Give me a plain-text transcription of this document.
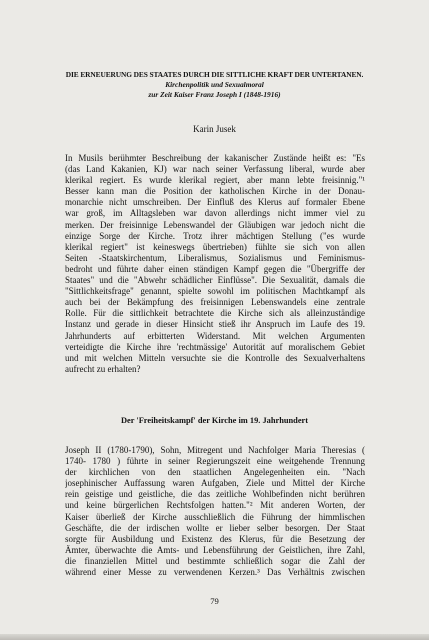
DIE ERNEUERUNG DES STAATES DURCH DIE SITTLICHE KRAFT DER UNTERTANEN.
Kirchenpolitik und Sexualmoral
zur Zeit Kaiser Franz Joseph I (1848-1916)
Karin Jusek
In Musils berühmter Beschreibung der kakanischer Zustände heißt es: "Es
(das Land Kakanien, KJ) war nach seiner Verfassung liberal, wurde aber
klerikal regiert. Es wurde klerikal regiert, aber mann lebte freisinnig."¹
Besser kann man die Position der katholischen Kirche in der Donau-
monarchie nicht umschreiben. Der Einfluß des Klerus auf formaler Ebene
war groß, im Alltagsleben war davon allerdings nicht immer viel zu
merken. Der freisinnige Lebenswandel der Gläubigen war jedoch nicht die
einzige Sorge der Kirche. Trotz ihrer mächtigen Stellung ("es wurde
klerikal regiert" ist keineswegs übertrieben) fühlte sie sich von allen
Seiten -Staatskirchentum, Liberalismus, Sozialismus und Feminismus-
bedroht und führte daher einen ständigen Kampf gegen die "Übergriffe der
Staates" und die "Abwehr schädlicher Einflüsse". Die Sexualität, damals die
"Sittlichkeitsfrage" genannt, spielte sowohl im politischen Machtkampf als
auch bei der Bekämpfung des freisinnigen Lebenswandels eine zentrale
Rolle. Für die sittlichkeit betrachtete die Kirche sich als alleinzuständige
Instanz und gerade in dieser Hinsicht stieß ihr Anspruch im Laufe des 19.
Jahrhunderts auf erbitterten Widerstand. Mit welchen Argumenten
verteidigte die Kirche ihre 'rechtmässige' Autorität auf moralischem Gebiet
und mit welchen Mitteln versuchte sie die Kontrolle des Sexualverhaltens
aufrecht zu erhalten?
Der 'Freiheitskampf' der Kirche im 19. Jahrhundert
Joseph II (1780-1790), Sohn, Mitregent und Nachfolger Maria Theresias (
1740- 1780 ) führte in seiner Regierungszeit eine weitgehende Trennung
der kirchlichen von den staatlichen Angelegenheiten ein. "Nach
josephinischer Auffassung waren Aufgaben, Ziele und Mittel der Kirche
rein geistige und geistliche, die das zeitliche Wohlbefinden nicht berühren
und keine bürgerlichen Rechtsfolgen hatten."² Mit anderen Worten, der
Kaiser überließ der Kirche ausschließlich die Führung der himmlischen
Geschäfte, die der irdischen wollte er lieber selber besorgen. Der Staat
sorgte für Ausbildung und Existenz des Klerus, für die Besetzung der
Ämter, überwachte die Amts- und Lebensführung der Geistlichen, ihre Zahl,
die finanziellen Mittel und bestimmte schließlich sogar die Zahl der
während einer Messe zu verwendenen Kerzen.³ Das Verhältnis zwischen
79
